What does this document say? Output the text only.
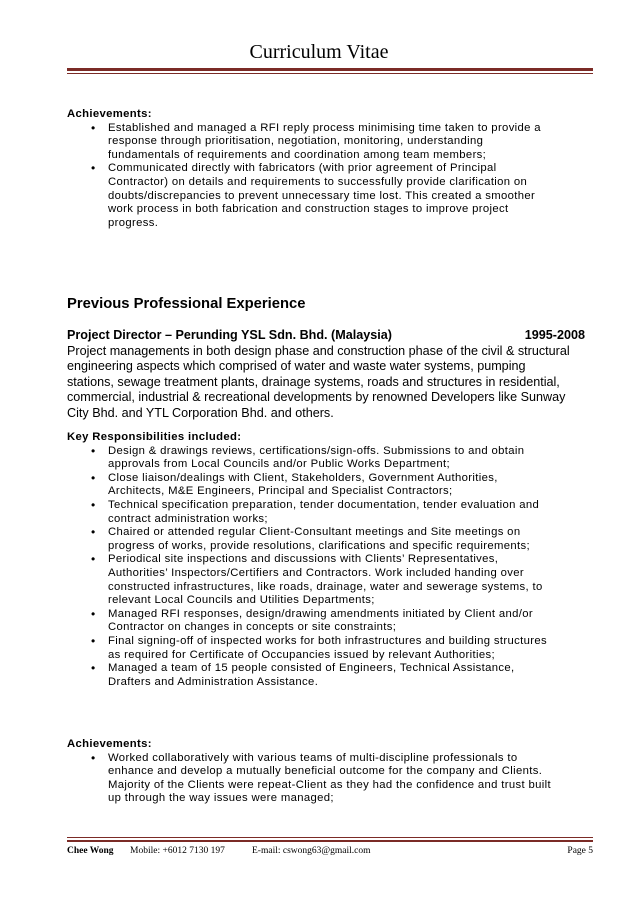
Curriculum Vitae
Achievements:
• Established and managed a RFI reply process minimising time taken to provide a
response through prioritisation, negotiation, monitoring, understanding
fundamentals of requirements and coordination among team members;
• Communicated directly with fabricators (with prior agreement of Principal
Contractor) on details and requirements to successfully provide clarification on
doubts/discrepancies to prevent unnecessary time lost. This created a smoother
work process in both fabrication and construction stages to improve project
progress.
Previous Professional Experience
Project Director – Perunding YSL Sdn. Bhd. (Malaysia)	1995-2008
Project managements in both design phase and construction phase of the civil & structural
engineering aspects which comprised of water and waste water systems, pumping
stations, sewage treatment plants, drainage systems, roads and structures in residential,
commercial, industrial & recreational developments by renowned Developers like Sunway
City Bhd. and YTL Corporation Bhd. and others.
Key Responsibilities included:
• Design & drawings reviews, certifications/sign-offs. Submissions to and obtain
approvals from Local Councils and/or Public Works Department;
• Close liaison/dealings with Client, Stakeholders, Government Authorities,
Architects, M&E Engineers, Principal and Specialist Contractors;
• Technical specification preparation, tender documentation, tender evaluation and
contract administration works;
• Chaired or attended regular Client-Consultant meetings and Site meetings on
progress of works, provide resolutions, clarifications and specific requirements;
• Periodical site inspections and discussions with Clients’ Representatives,
Authorities’ Inspectors/Certifiers and Contractors. Work included handing over
constructed infrastructures, like roads, drainage, water and sewerage systems, to
relevant Local Councils and Utilities Departments;
• Managed RFI responses, design/drawing amendments initiated by Client and/or
Contractor on changes in concepts or site constraints;
• Final signing-off of inspected works for both infrastructures and building structures
as required for Certificate of Occupancies issued by relevant Authorities;
• Managed a team of 15 people consisted of Engineers, Technical Assistance,
Drafters and Administration Assistance.
Achievements:
• Worked collaboratively with various teams of multi-discipline professionals to
enhance and develop a mutually beneficial outcome for the company and Clients.
Majority of the Clients were repeat-Client as they had the confidence and trust built
up through the way issues were managed;
Chee Wong Mobile: +6012 7130 197	E-mail: cswong63@gmail.com	Page 5
